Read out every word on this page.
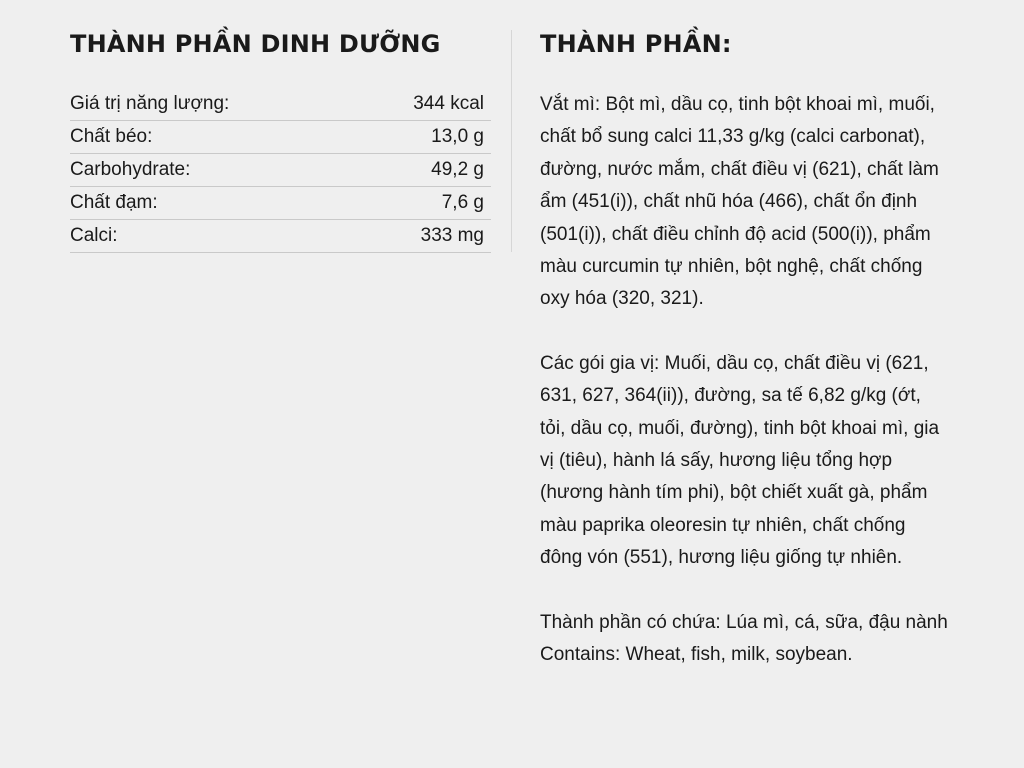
THÀNH PHẦN DINH DƯỠNG
Giá trị năng lượng:	344 kcal
Chất béo:	13,0 g
Carbohydrate:	49,2 g
Chất đạm:	7,6 g
Calci:	333 mg
THÀNH PHẦN:

Vắt mì: Bột mì, dầu cọ, tinh bột khoai mì, muối, chất bổ sung calci 11,33 g/kg (calci carbonat), đường, nước mắm, chất điều vị (621), chất làm ẩm (451(i)), chất nhũ hóa (466), chất ổn định (501(i)), chất điều chỉnh độ acid (500(i)), phẩm màu curcumin tự nhiên, bột nghệ, chất chống oxy hóa (320, 321).

Các gói gia vị: Muối, dầu cọ, chất điều vị (621, 631, 627, 364(ii)), đường, sa tế 6,82 g/kg (ớt, tỏi, dầu cọ, muối, đường), tinh bột khoai mì, gia vị (tiêu), hành lá sấy, hương liệu tổng hợp (hương hành tím phi), bột chiết xuất gà, phẩm màu paprika oleoresin tự nhiên, chất chống đông vón (551), hương liệu giống tự nhiên.

Thành phần có chứa: Lúa mì, cá, sữa, đậu nành

Contains: Wheat, fish, milk, soybean.
